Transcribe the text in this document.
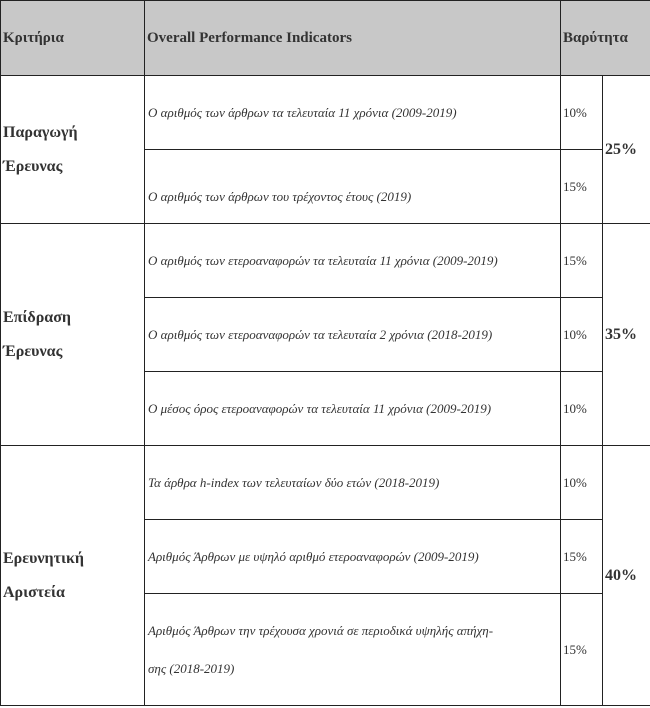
Κριτήρια	Overall Performance Indicators	Βαρύτητα	

Παραγωγή
Έρευνας	Ο αριθμός των άρθρων τα τελευταία 11 χρόνια (2009-2019)	10%	25%
	Ο αριθμός των άρθρων του τρέχοντος έτους (2019)	15%	

Επίδραση
Έρευνας	Ο αριθμός των ετεροαναφορών τα τελευταία 11 χρόνια (2009-2019)	15%	35%
	Ο αριθμός των ετεροαναφορών τα τελευταία 2 χρόνια (2018-2019)	10%	
	Ο μέσος όρος ετεροαναφορών τα τελευταία 11 χρόνια (2009-2019)	10%	

Ερευνητική
Αριστεία	Τα άρθρα h-index των τελευταίων δύο ετών (2018-2019)	10%	40%
	Αριθμός Άρθρων με υψηλό αριθμό ετεροαναφορών (2009-2019)	15%	
	Αριθμός Άρθρων την τρέχουσα χρονιά σε περιοδικά υψηλής απήχη-
σης (2018-2019)	15%	
